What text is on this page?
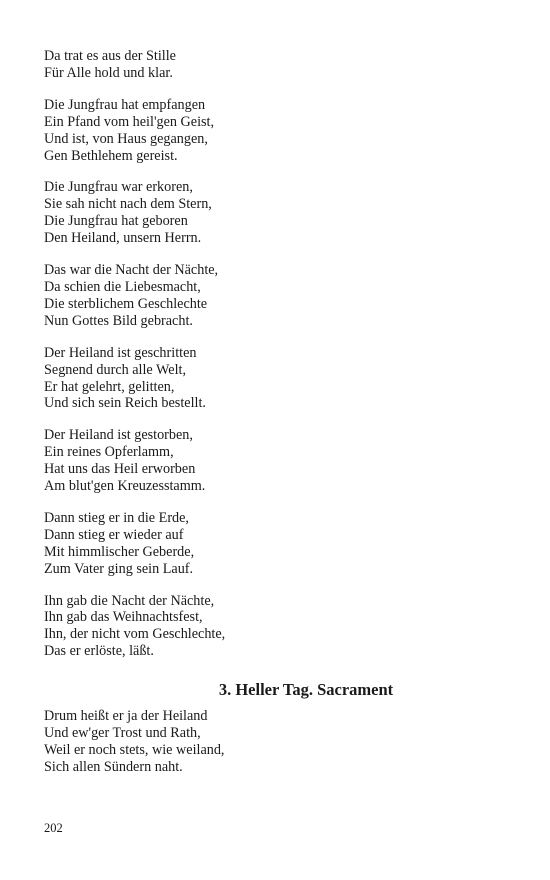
Da trat es aus der Stille
Für Alle hold und klar.
Die Jungfrau hat empfangen
Ein Pfand vom heil'gen Geist,
Und ist, von Haus gegangen,
Gen Bethlehem gereist.
Die Jungfrau war erkoren,
Sie sah nicht nach dem Stern,
Die Jungfrau hat geboren
Den Heiland, unsern Herrn.
Das war die Nacht der Nächte,
Da schien die Liebesmacht,
Die sterblichem Geschlechte
Nun Gottes Bild gebracht.
Der Heiland ist geschritten
Segnend durch alle Welt,
Er hat gelehrt, gelitten,
Und sich sein Reich bestellt.
Der Heiland ist gestorben,
Ein reines Opferlamm,
Hat uns das Heil erworben
Am blut'gen Kreuzesstamm.
Dann stieg er in die Erde,
Dann stieg er wieder auf
Mit himmlischer Geberde,
Zum Vater ging sein Lauf.
Ihn gab die Nacht der Nächte,
Ihn gab das Weihnachtsfest,
Ihn, der nicht vom Geschlechte,
Das er erlöste, läßt.
3. Heller Tag. Sacrament
Drum heißt er ja der Heiland
Und ew'ger Trost und Rath,
Weil er noch stets, wie weiland,
Sich allen Sündern naht.
202
